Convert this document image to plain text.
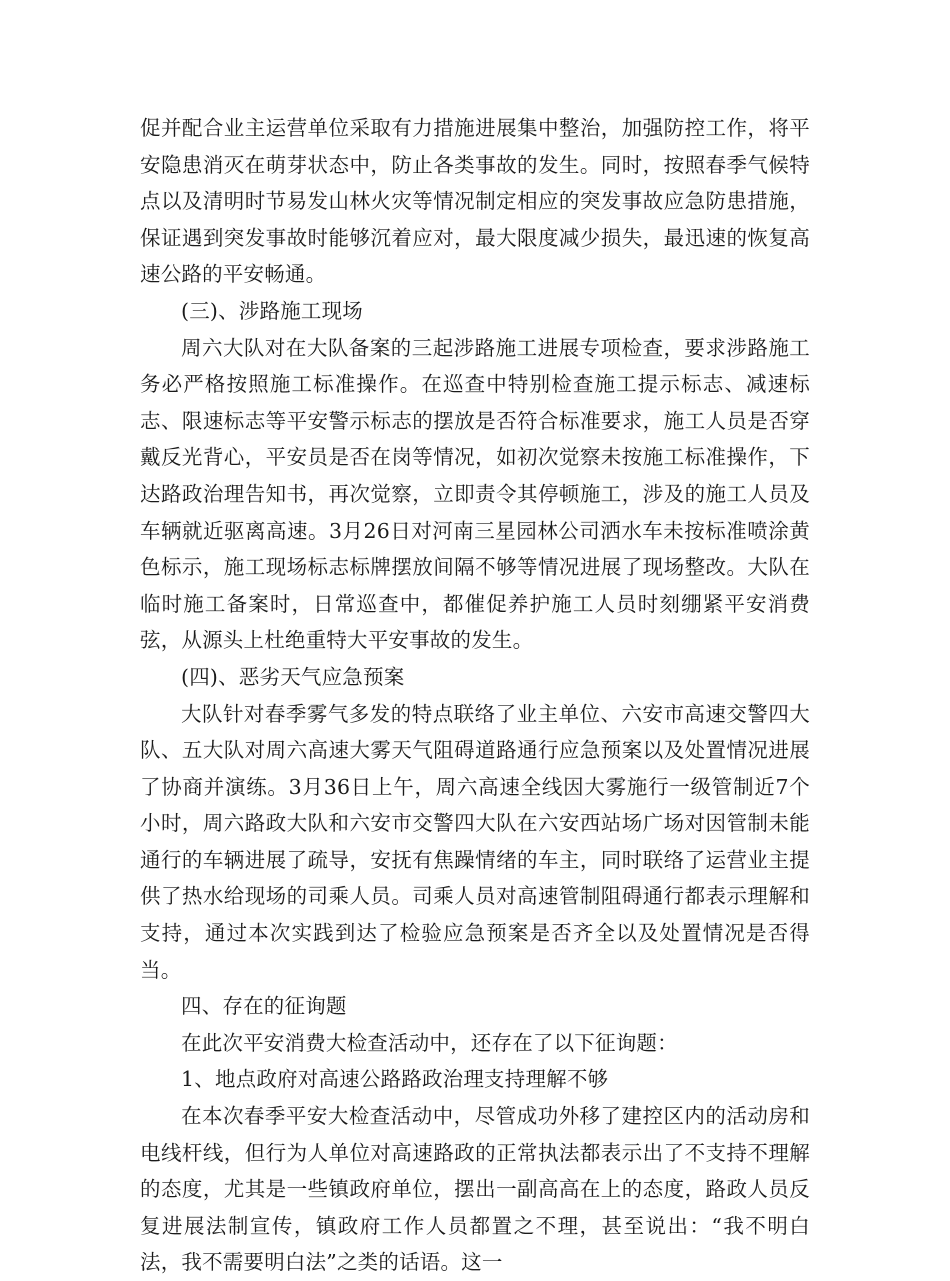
促并配合业主运营单位采取有力措施进展集中整治，加强防控工作，将平安隐患消灭在萌芽状态中，防止各类事故的发生。同时，按照春季气候特点以及清明时节易发山林火灾等情况制定相应的突发事故应急防患措施，保证遇到突发事故时能够沉着应对，最大限度减少损失，最迅速的恢复高速公路的平安畅通。

(三)、涉路施工现场

周六大队对在大队备案的三起涉路施工进展专项检查，要求涉路施工务必严格按照施工标准操作。在巡查中特别检查施工提示标志、减速标志、限速标志等平安警示标志的摆放是否符合标准要求，施工人员是否穿戴反光背心，平安员是否在岗等情况，如初次觉察未按施工标准操作，下达路政治理告知书，再次觉察，立即责令其停顿施工，涉及的施工人员及车辆就近驱离高速。3月26日对河南三星园林公司洒水车未按标准喷涂黄色标示，施工现场标志标牌摆放间隔不够等情况进展了现场整改。大队在临时施工备案时，日常巡查中，都催促养护施工人员时刻绷紧平安消费弦，从源头上杜绝重特大平安事故的发生。

(四)、恶劣天气应急预案

大队针对春季雾气多发的特点联络了业主单位、六安市高速交警四大队、五大队对周六高速大雾天气阻碍道路通行应急预案以及处置情况进展了协商并演练。3月36日上午，周六高速全线因大雾施行一级管制近7个小时，周六路政大队和六安市交警四大队在六安西站场广场对因管制未能通行的车辆进展了疏导，安抚有焦躁情绪的车主，同时联络了运营业主提供了热水给现场的司乘人员。司乘人员对高速管制阻碍通行都表示理解和支持，通过本次实践到达了检验应急预案是否齐全以及处置情况是否得当。

四、存在的征询题

在此次平安消费大检查活动中，还存在了以下征询题：

1、地点政府对高速公路路政治理支持理解不够

在本次春季平安大检查活动中，尽管成功外移了建控区内的活动房和电线杆线，但行为人单位对高速路政的正常执法都表示出了不支持不理解的态度，尤其是一些镇政府单位，摆出一副高高在上的态度，路政人员反复进展法制宣传，镇政府工作人员都置之不理，甚至说出：“我不明白法，我不需要明白法”之类的话语。这一
